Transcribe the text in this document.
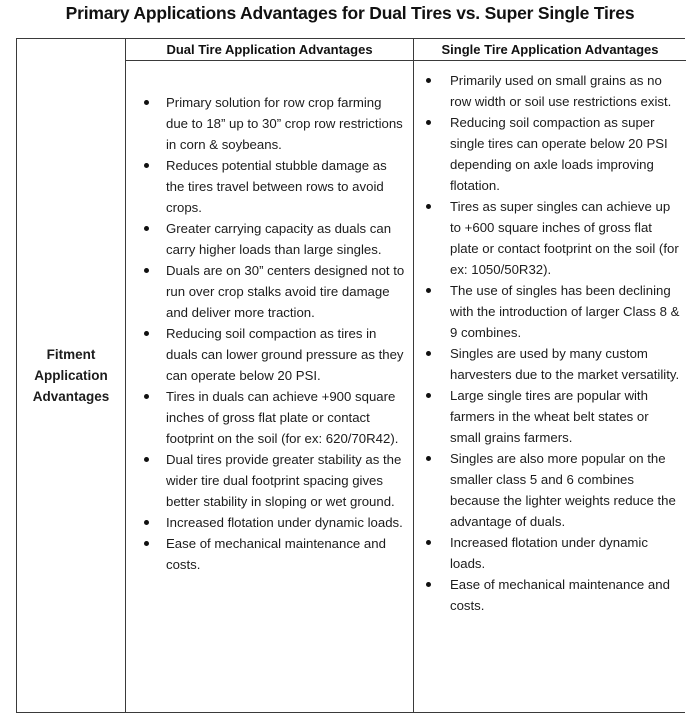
Primary Applications Advantages for Dual Tires vs. Super Single Tires
Fitment Application Advantages
Dual Tire Application Advantages	Single Tire Application Advantages
Primary solution for row crop farming due to 18” up to 30” crop row restrictions in corn & soybeans.
Reduces potential stubble damage as the tires travel between rows to avoid crops.
Greater carrying capacity as duals can carry higher loads than large singles.
Duals are on 30” centers designed not to run over crop stalks avoid tire damage and deliver more traction.
Reducing soil compaction as tires in duals can lower ground pressure as they can operate below 20 PSI.
Tires in duals can achieve +900 square inches of gross flat plate or contact footprint on the soil (for ex: 620/70R42).
Dual tires provide greater stability as the wider tire dual footprint spacing gives better stability in sloping or wet ground.
Increased flotation under dynamic loads.
Ease of mechanical maintenance and costs.
Primarily used on small grains as no row width or soil use restrictions exist.
Reducing soil compaction as super single tires can operate below 20 PSI depending on axle loads improving flotation.
Tires as super singles can achieve up to +600 square inches of gross flat plate or contact footprint on the soil (for ex: 1050/50R32).
The use of singles has been declining with the introduction of larger Class 8 & 9 combines.
Singles are used by many custom harvesters due to the market versatility.
Large single tires are popular with farmers in the wheat belt states or small grains farmers.
Singles are also more popular on the smaller class 5 and 6 combines because the lighter weights reduce the advantage of duals.
Increased flotation under dynamic loads.
Ease of mechanical maintenance and costs.
